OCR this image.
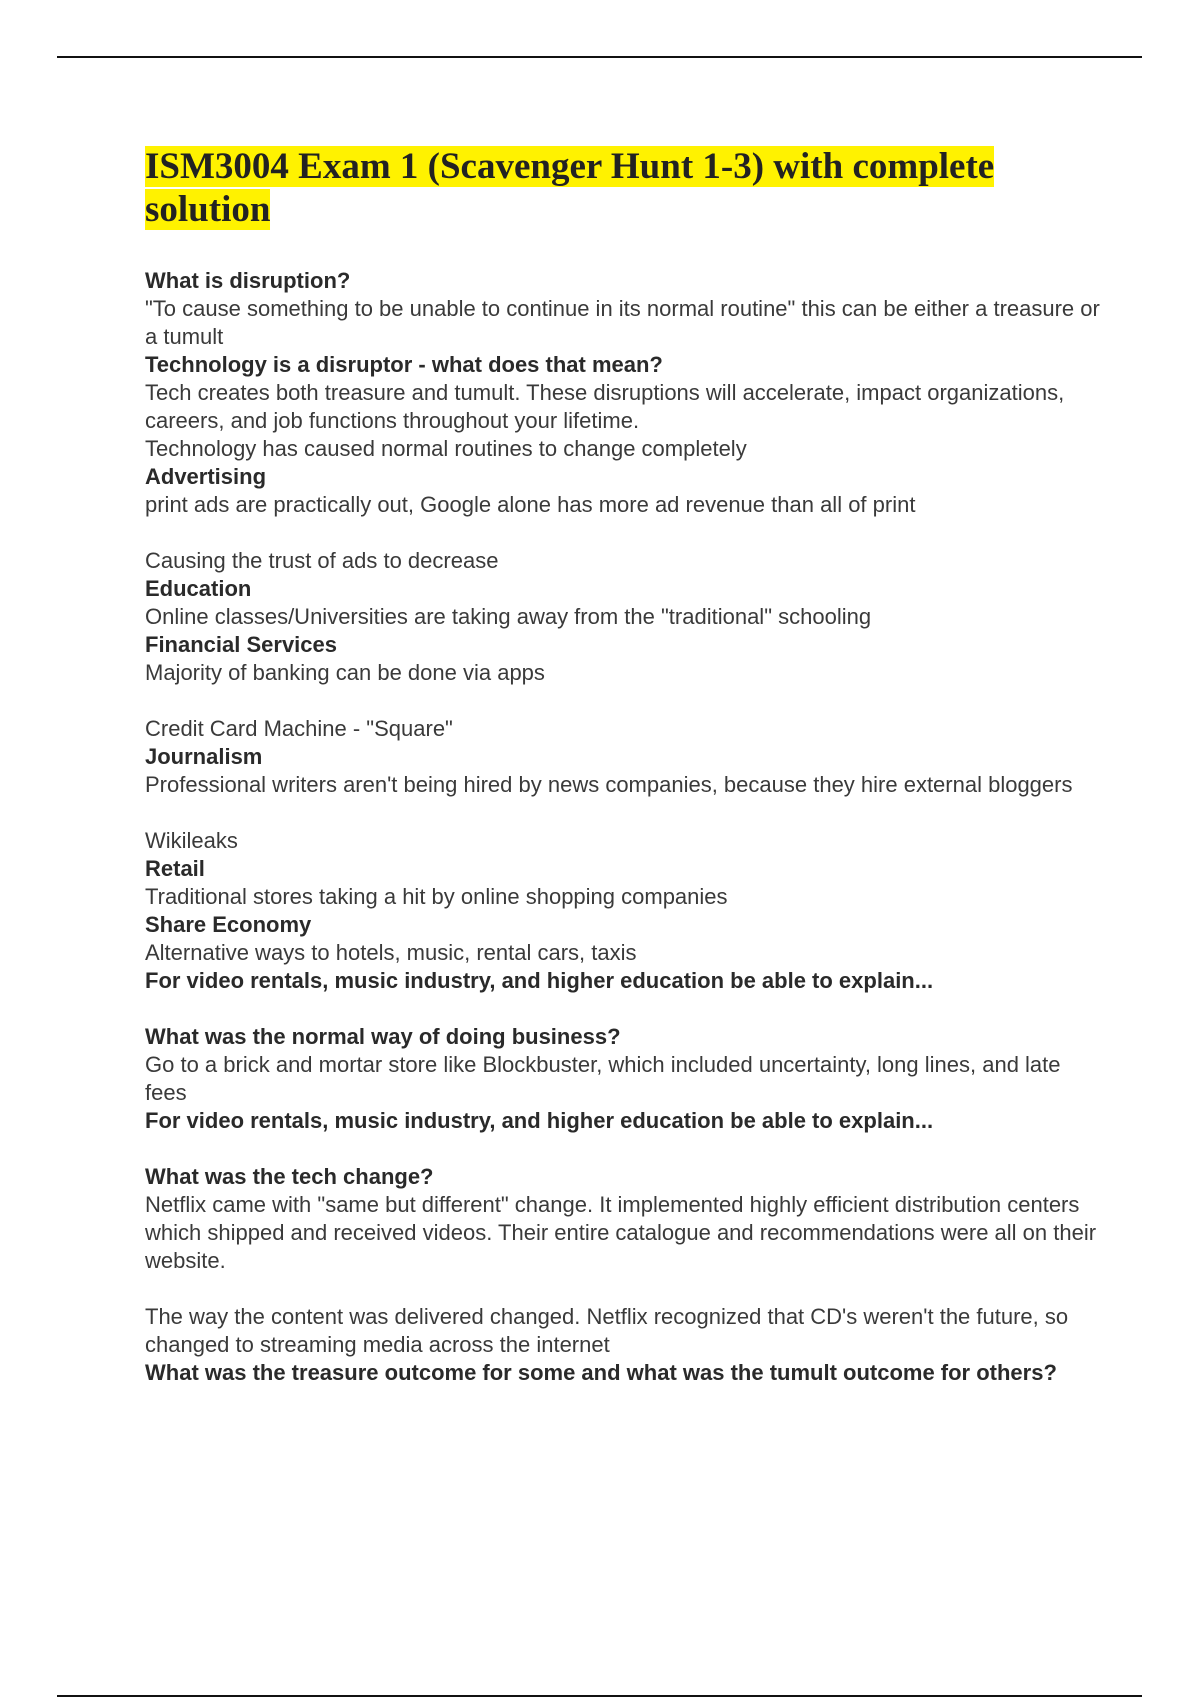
ISM3004 Exam 1 (Scavenger Hunt 1-3) with complete solution

What is disruption?

"To cause something to be unable to continue in its normal routine" this can be either a treasure or a tumult

Technology is a disruptor - what does that mean?

Tech creates both treasure and tumult. These disruptions will accelerate, impact organizations, careers, and job functions throughout your lifetime.
Technology has caused normal routines to change completely

Advertising

print ads are practically out, Google alone has more ad revenue than all of print

Causing the trust of ads to decrease

Education

Online classes/Universities are taking away from the "traditional" schooling

Financial Services

Majority of banking can be done via apps

Credit Card Machine - "Square"

Journalism

Professional writers aren't being hired by news companies, because they hire external bloggers

Wikileaks

Retail

Traditional stores taking a hit by online shopping companies

Share Economy

Alternative ways to hotels, music, rental cars, taxis

For video rentals, music industry, and higher education be able to explain...

What was the normal way of doing business?

Go to a brick and mortar store like Blockbuster, which included uncertainty, long lines, and late fees

For video rentals, music industry, and higher education be able to explain...

What was the tech change?

Netflix came with "same but different" change. It implemented highly efficient distribution centers which shipped and received videos. Their entire catalogue and recommendations were all on their website.

The way the content was delivered changed. Netflix recognized that CD's weren't the future, so changed to streaming media across the internet

What was the treasure outcome for some and what was the tumult outcome for others?
